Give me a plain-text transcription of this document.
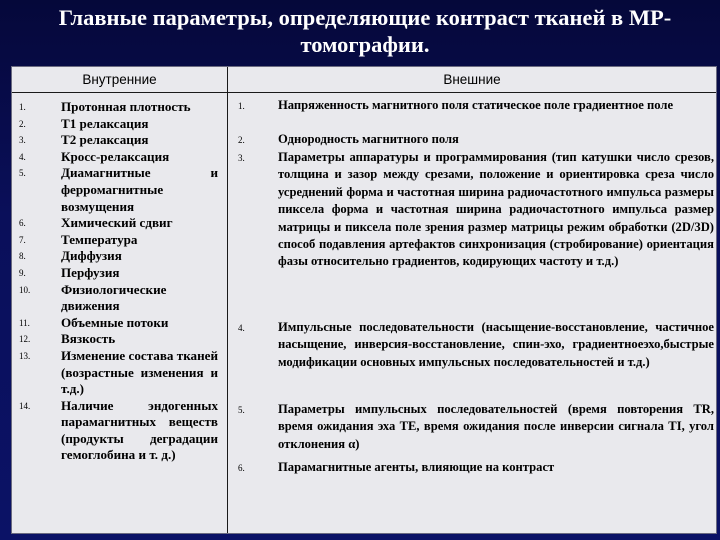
Главные параметры, определяющие контраст тканей в МР-томографии.
Внутренние
1.	Протонная плотность
2.	Т1 релаксация
3.	Т2 релаксация
4.	Кросс-релаксация
5.	Диамагнитные и ферромагнитные возмущения
6.	Химический сдвиг
7.	Температура
8.	Диффузия
9.	Перфузия
10. Физиологические движения
11. Объемные потоки
12. Вязкость
13. Изменение состава тканей (возрастные изменения и т.д.)
14. Наличие эндогенных парамагнитных веществ (продукты деградации гемоглобина и т. д.)
Внешние
1.	Напряженность магнитного поля статическое поле градиентное поле
2.	Однородность магнитного поля
3.	Параметры аппаратуры и программирования (тип катушки число срезов, толщина и зазор между срезами, положение и ориентировка среза число усреднений форма и частотная ширина радиочастотного импульса размеры пиксела форма и частотная ширина радиочастотного импульса размер матрицы и пиксела поле зрения размер матрицы режим обработки (2D/3D) способ подавления артефактов синхронизация (стробирование) ориентация фазы относительно градиентов, кодирующих частоту и т.д.)
4.	Импульсные последовательности (насыщение-восстановление, частичное насыщение, инверсия-восстановление, спин-эхо, градиентноеэхо,быстрые модификации основных импульсных последовательностей и т.д.)
5.	Параметры импульсных последовательностей (время повторения TR, время ожидания эха TE, время ожидания после инверсии сигнала TI, угол отклонения α)
6.	Парамагнитные агенты, влияющие на контраст
